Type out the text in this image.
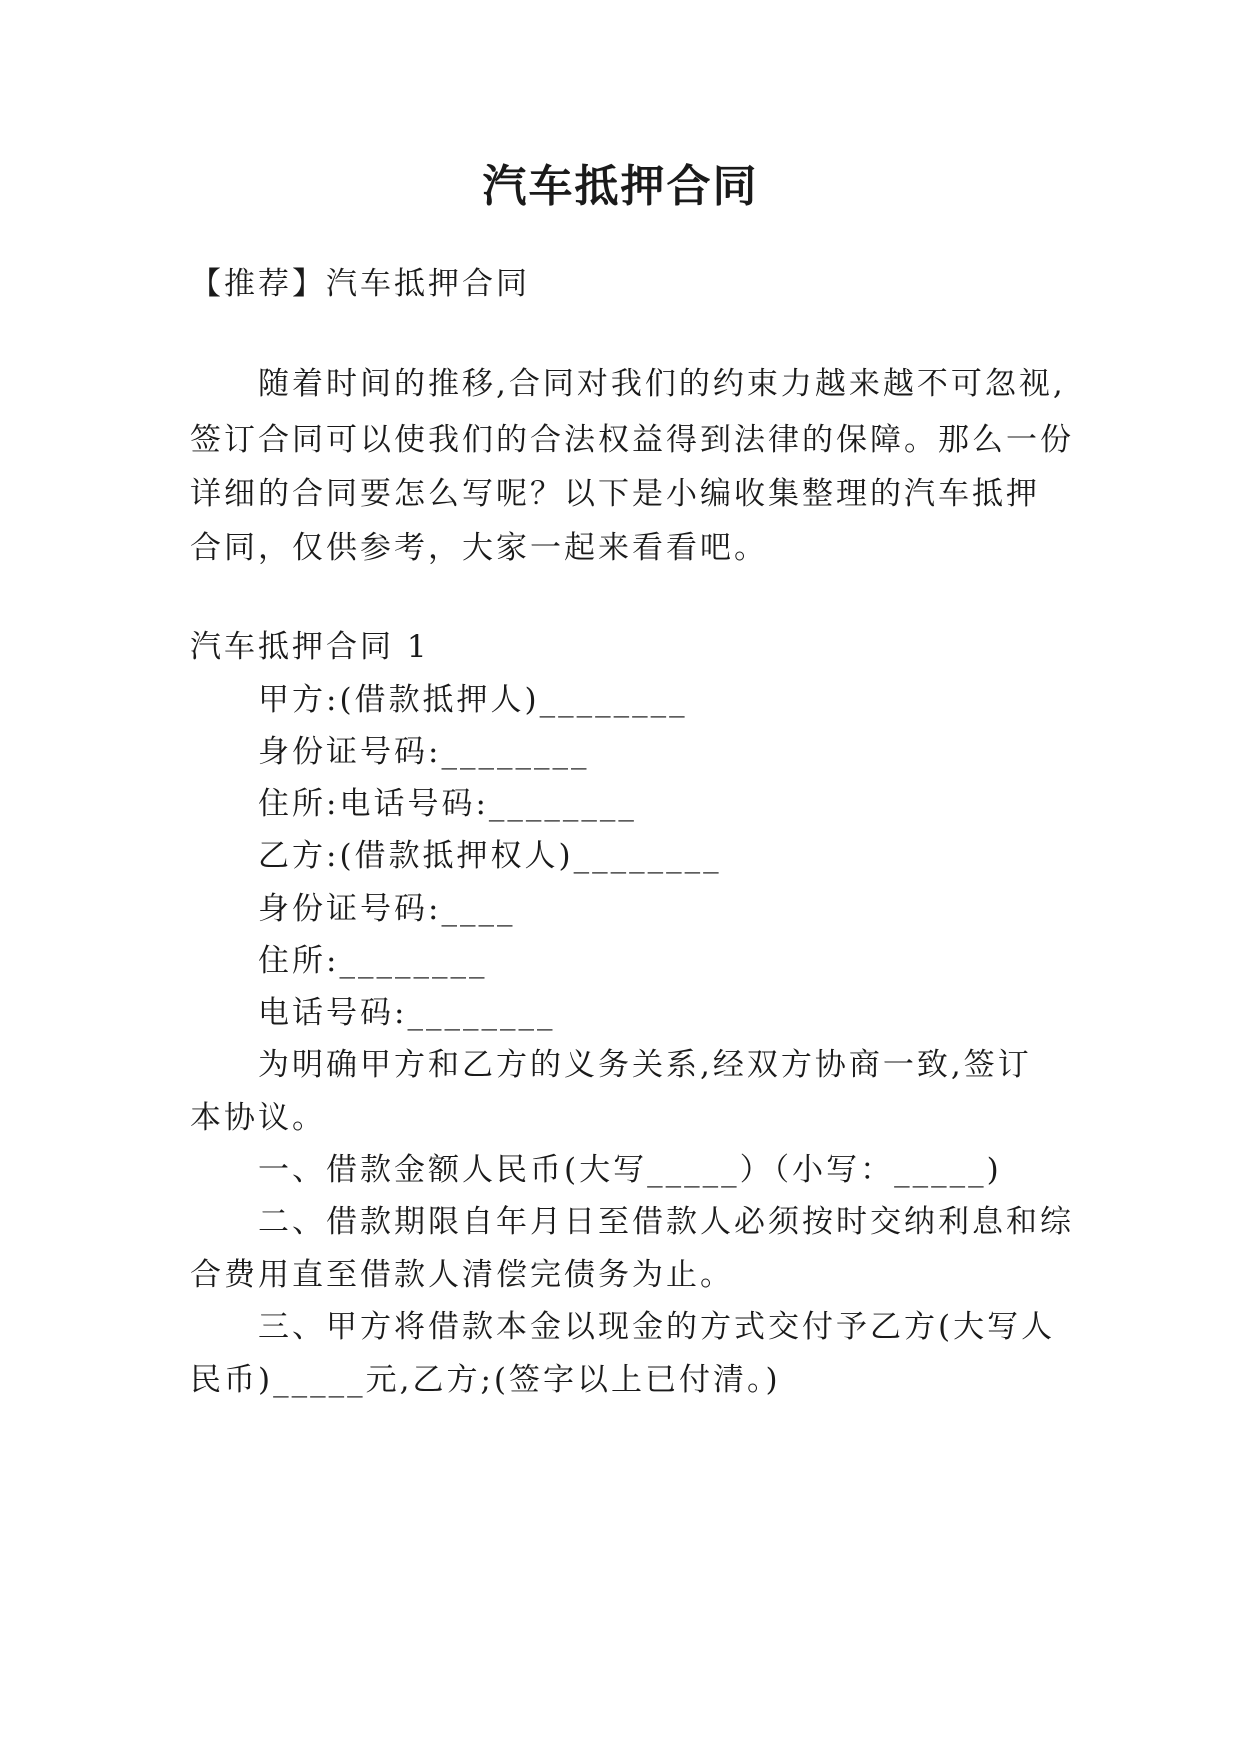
汽车抵押合同
【推荐】汽车抵押合同
随着时间的推移,合同对我们的约束力越来越不可忽视,
签订合同可以使我们的合法权益得到法律的保障。那么一份
详细的合同要怎么写呢？以下是小编收集整理的汽车抵押
合同，仅供参考，大家一起来看看吧。
汽车抵押合同 1
甲方:(借款抵押人)________
身份证号码:________
住所:电话号码:________
乙方:(借款抵押权人)________
身份证号码:____
住所:________
电话号码:________
为明确甲方和乙方的义务关系,经双方协商一致,签订
本协议。
一、借款金额人民币(大写_____）（小写：_____)
二、借款期限自年月日至借款人必须按时交纳利息和综
合费用直至借款人清偿完债务为止。
三、甲方将借款本金以现金的方式交付予乙方(大写人
民币)_____元,乙方;(签字以上已付清。)
